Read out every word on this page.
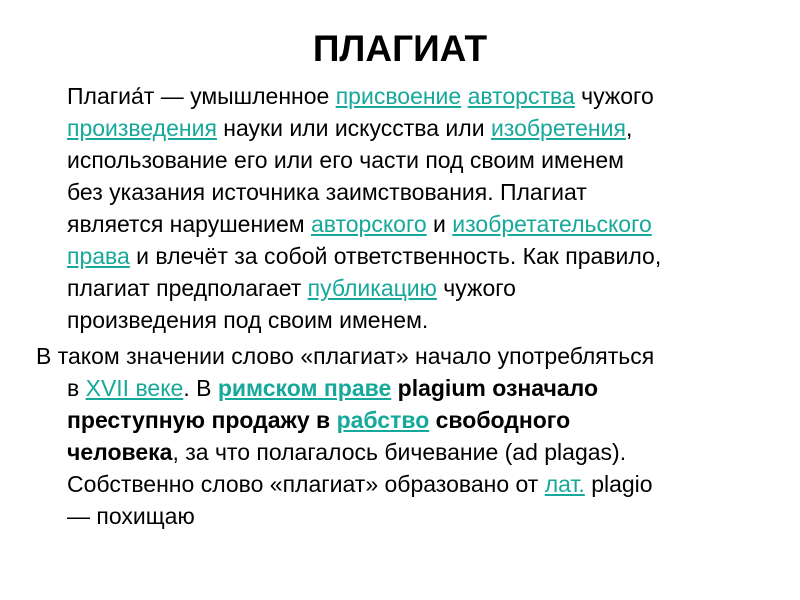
ПЛАГИАТ
Плагиа́т — умышленное присвоение авторства чужого
произведения науки или искусства или изобретения,
использование его или его части под своим именем
без указания источника заимствования. Плагиат
является нарушением авторского и изобретательского
права и влечёт за собой ответственность. Как правило,
плагиат предполагает публикацию чужого
произведения под своим именем.
В таком значении слово «плагиат» начало употребляться
в XVII веке. В римском праве plagium означало
преступную продажу в рабство свободного
человека, за что полагалось бичевание (ad plagas).
Собственно слово «плагиат» образовано от лат. plagio
— похищаю
